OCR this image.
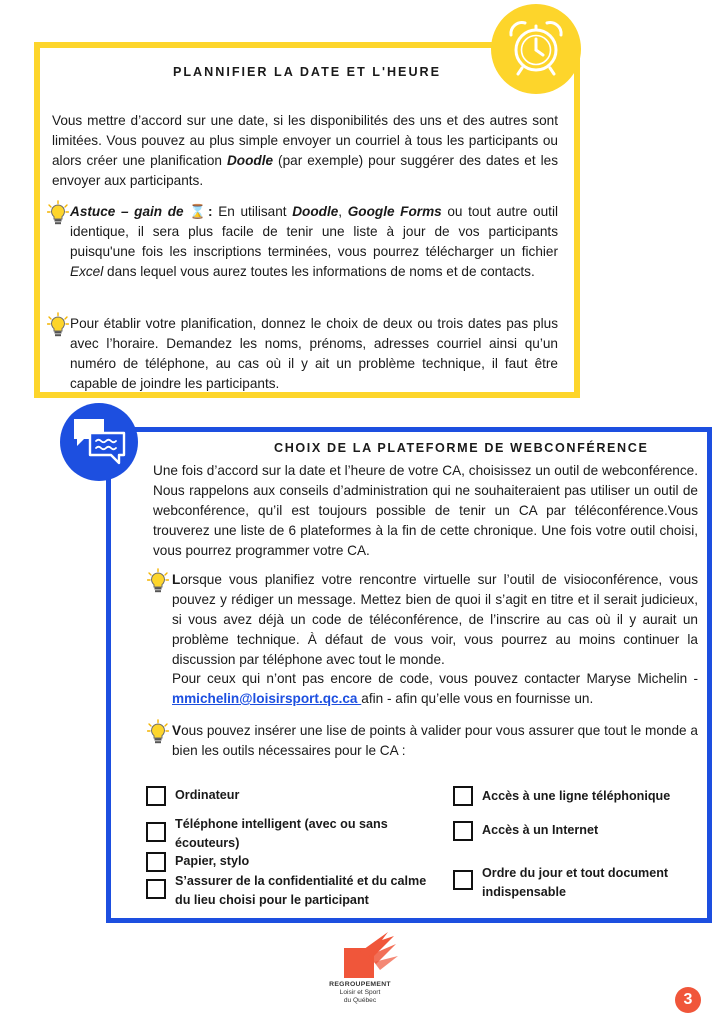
PLANNIFIER LA DATE ET L'HEURE

Vous mettre d’accord sur une date, si les disponibilités des uns et des autres sont limitées. Vous pouvez au plus simple envoyer un courriel à tous les participants ou alors créer une planification Doodle (par exemple) pour suggérer des dates et les envoyer aux participants.

Astuce – gain de ⌛: En utilisant Doodle, Google Forms ou tout autre outil identique, il sera plus facile de tenir une liste à jour de vos participants puisqu'une fois les inscriptions terminées, vous pourrez télécharger un fichier Excel dans lequel vous aurez toutes les informations de noms et de contacts.

Pour établir votre planification, donnez le choix de deux ou trois dates pas plus avec l’horaire. Demandez les noms, prénoms, adresses courriel ainsi qu’un numéro de téléphone, au cas où il y ait un problème technique, il faut être capable de joindre les participants.

CHOIX DE LA PLATEFORME DE WEBCONFÉRENCE

Une fois d’accord sur la date et l’heure de votre CA, choisissez un outil de webconférence. Nous rappelons aux conseils d’administration qui ne souhaiteraient pas utiliser un outil de webconférence, qu’il est toujours possible de tenir un CA par téléconférence.Vous trouverez une liste de 6 plateformes à la fin de cette chronique. Une fois votre outil choisi, vous pourrez programmer votre CA.

Lorsque vous planifiez votre rencontre virtuelle sur l’outil de visioconférence, vous pouvez y rédiger un message. Mettez bien de quoi il s’agit en titre et il serait judicieux, si vous avez déjà un code de téléconférence, de l’inscrire au cas où il y aurait un problème technique. À défaut de vous voir, vous pourrez au moins continuer la discussion par téléphone avec tout le monde.

Pour ceux qui n’ont pas encore de code, vous pouvez contacter Maryse Michelin - mmichelin@loisirsport.qc.ca afin - afin qu’elle vous en fournisse un.

Vous pouvez insérer une lise de points à valider pour vous assurer que tout le monde a bien les outils nécessaires pour le CA :

Ordinateur
Téléphone intelligent (avec ou sans écouteurs)
Papier, stylo
S’assurer de la confidentialité et du calme du lieu choisi pour le participant
Accès à une ligne téléphonique
Accès à un Internet
Ordre du jour et tout document indispensable
REGROUPEMENT
Loisir et Sport
du Québec	3
